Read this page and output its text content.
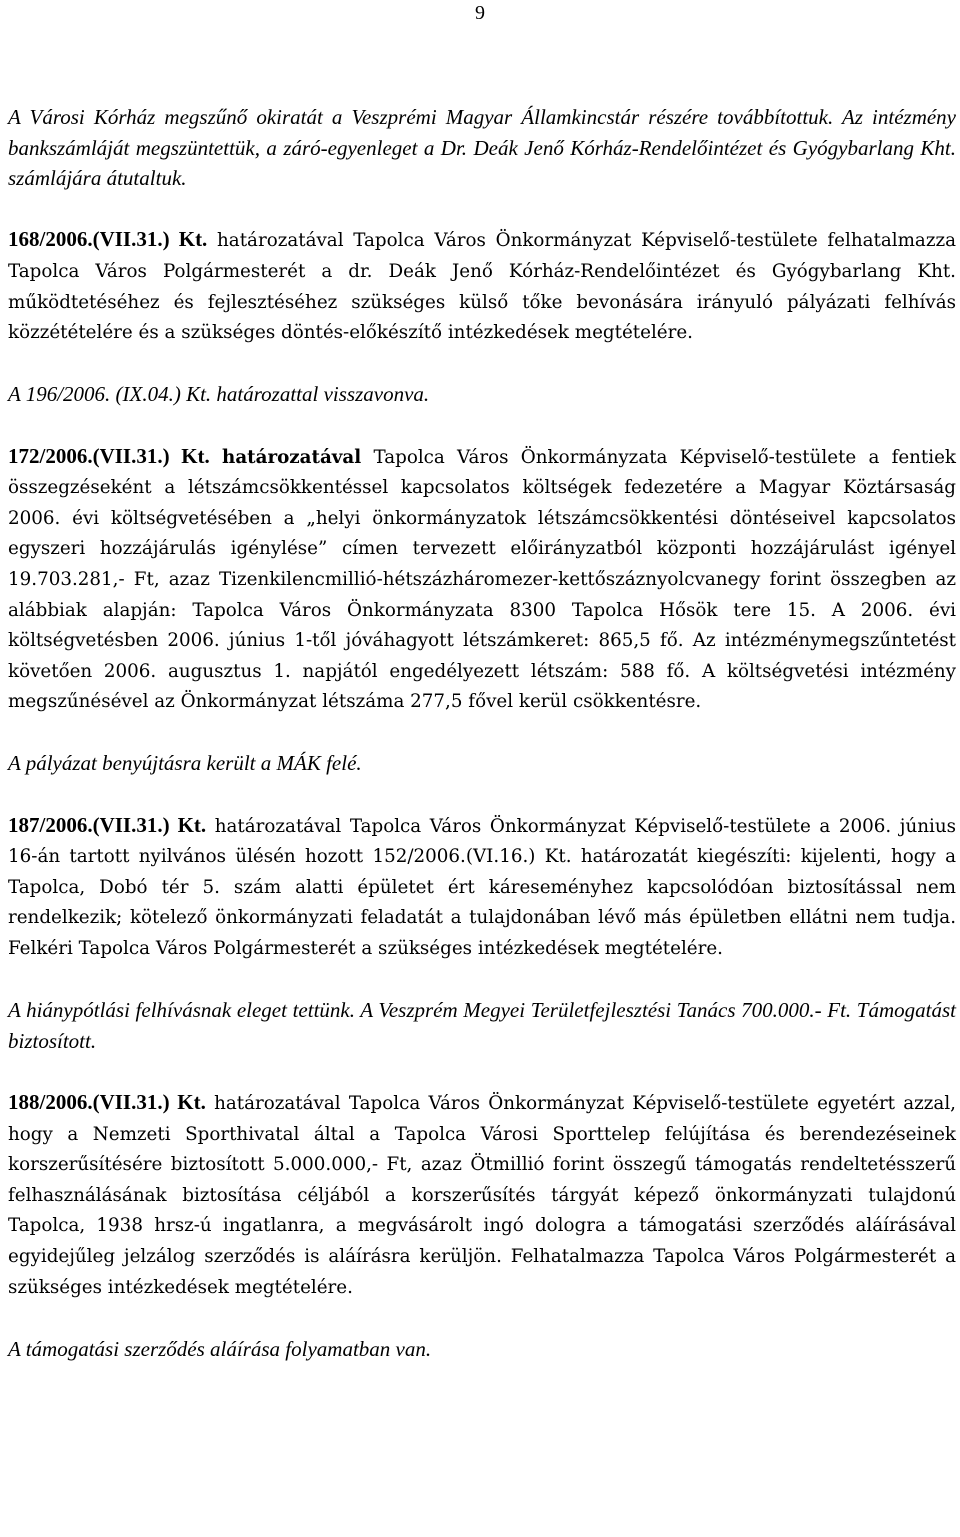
9

A Városi Kórház megszűnő okiratát a Veszprémi Magyar Államkincstár részére továbbítottuk. Az intézmény bankszámláját megszüntettük, a záró-egyenleget a Dr. Deák Jenő Kórház-Rendelőintézet és Gyógybarlang Kht. számlájára átutaltuk.

168/2006.(VII.31.) Kt. határozatával Tapolca Város Önkormányzat Képviselő-testülete felhatalmazza Tapolca Város Polgármesterét a dr. Deák Jenő Kórház-Rendelőintézet és Gyógybarlang Kht. működtetéséhez és fejlesztéséhez szükséges külső tőke bevonására irányuló pályázati felhívás közzétételére és a szükséges döntés-előkészítő intézkedések megtételére.

A 196/2006. (IX.04.) Kt. határozattal visszavonva.

172/2006.(VII.31.) Kt. határozatával Tapolca Város Önkormányzata Képviselő-testülete a fentiek összegzéseként a létszámcsökkentéssel kapcsolatos költségek fedezetére a Magyar Köztársaság 2006. évi költségvetésében a „helyi önkormányzatok létszámcsökkentési döntéseivel kapcsolatos egyszeri hozzájárulás igénylése” címen tervezett előirányzatból központi hozzájárulást igényel 19.703.281,- Ft, azaz Tizenkilencmillió-hétszázháromezer-kettőszáznyolcvanegy forint összegben az alábbiak alapján: Tapolca Város Önkormányzata 8300 Tapolca Hősök tere 15. A 2006. évi költségvetésben 2006. június 1-től jóváhagyott létszámkeret: 865,5 fő. Az intézménymegszűntetést követően 2006. augusztus 1. napjától engedélyezett létszám: 588 fő. A költségvetési intézmény megszűnésével az Önkormányzat létszáma 277,5 fővel kerül csökkentésre.

A pályázat benyújtásra került a MÁK felé.

187/2006.(VII.31.) Kt. határozatával Tapolca Város Önkormányzat Képviselő-testülete a 2006. június 16-án tartott nyilvános ülésén hozott 152/2006.(VI.16.) Kt. határozatát kiegészíti: kijelenti, hogy a Tapolca, Dobó tér 5. szám alatti épületet ért káreseményhez kapcsolódóan biztosítással nem rendelkezik; kötelező önkormányzati feladatát a tulajdonában lévő más épületben ellátni nem tudja. Felkéri Tapolca Város Polgármesterét a szükséges intézkedések megtételére.

A hiánypótlási felhívásnak eleget tettünk. A Veszprém Megyei Területfejlesztési Tanács 700.000.- Ft. Támogatást biztosított.

188/2006.(VII.31.) Kt. határozatával Tapolca Város Önkormányzat Képviselő-testülete egyetért azzal, hogy a Nemzeti Sporthivatal által a Tapolca Városi Sporttelep felújítása és berendezéseinek korszerűsítésére biztosított 5.000.000,- Ft, azaz Ötmillió forint összegű támogatás rendeltetésszerű felhasználásának biztosítása céljából a korszerűsítés tárgyát képező önkormányzati tulajdonú Tapolca, 1938 hrsz-ú ingatlanra, a megvásárolt ingó dologra a támogatási szerződés aláírásával egyidejűleg jelzálog szerződés is aláírásra kerüljön. Felhatalmazza Tapolca Város Polgármesterét a szükséges intézkedések megtételére.

A támogatási szerződés aláírása folyamatban van.
